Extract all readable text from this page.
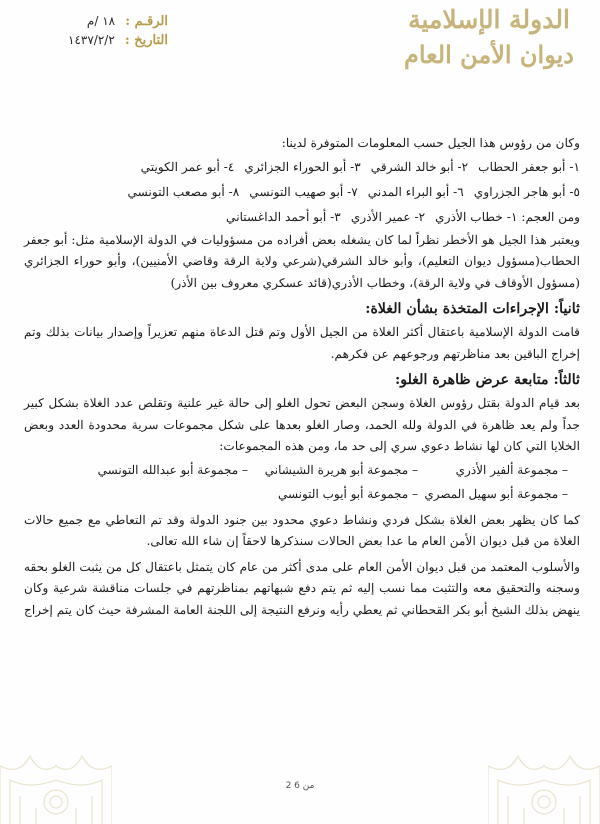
الرقـم : ١٨ /م
التاريخ : ١٤٣٧/٢/٢
الدولة الإسلامية
ديوان الأمن العام

وكان من رؤوس هذا الجيل حسب المعلومات المتوفرة لدينا:

١- أبو جعفر الحطاب
٢- أبو خالد الشرقي
٣- أبو الحوراء الجزائري
٤- أبو عمر الكويتي
٥- أبو هاجر الجزراوي
٦- أبو البراء المدني
٧- أبو صهيب التونسي
٨- أبو مصعب التونسي
ومن العجم: ١- خطاب الأذري
٢- عمير الأذري
٣- أبو أحمد الداغستاني

ويعتبر هذا الجيل هو الأخطر نظراً لما كان يشغله بعض أفراده من مسؤوليات في الدولة الإسلامية مثل: أبو جعفر الحطاب(مسؤول ديوان التعليم)، وأبو خالد الشرقي(شرعي ولاية الرقة وقاضي الأمنيين)، وأبو حوراء الجزائري (مسؤول الأوقاف في ولاية الرقة)، وخطاب الأذري(قائد عسكري معروف بين الأذر)

ثانياً: الإجراءات المتخذة بشأن الغلاة:

قامت الدولة الإسلامية باعتقال أكثر الغلاة من الجيل الأول وتم قتل الدعاة منهم تعزيراً وإصدار بيانات بذلك وتم إخراج الباقين بعد مناظرتهم ورجوعهم عن فكرهم.

ثالثاً: متابعة عرض ظاهرة الغلو:

بعد قيام الدولة بقتل رؤوس الغلاة وسجن البعض تحول الغلو إلى حالة غير علنية وتقلص عدد الغلاة بشكل كبير جداً ولم يعد ظاهرة في الدولة ولله الحمد، وصار الغلو بعدها على شكل مجموعات سرية محدودة العدد وبعض الخلايا التي كان لها نشاط دعوي سري إلى حد ما، ومن هذه المجموعات:

– مجموعة ألفير الأذري
– مجموعة أبو هريرة الشيشاني
– مجموعة أبو عبدالله التونسي
– مجموعة أبو سهيل المصري
– مجموعة أبو أيوب التونسي

كما كان يظهر بعض الغلاة بشكل فردي ونشاط دعوي محدود بين جنود الدولة وقد تم التعاطي مع جميع حالات الغلاة من قبل ديوان الأمن العام ما عدا بعض الحالات سنذكرها لاحقاً إن شاء الله تعالى.

والأسلوب المعتمد من قبل ديوان الأمن العام على مدى أكثر من عام كان يتمثل باعتقال كل من يثبت الغلو بحقه وسجنه والتحقيق معه والتثبت مما نسب إليه ثم يتم دفع شبهاتهم بمناظرتهم في جلسات مناقشة شرعية وكان ينهض بذلك الشيخ أبو بكر القحطاني ثم يعطي رأيه ونرفع النتيجة إلى اللجنة العامة المشرفة حيث كان يتم إخراج

2 من 6
